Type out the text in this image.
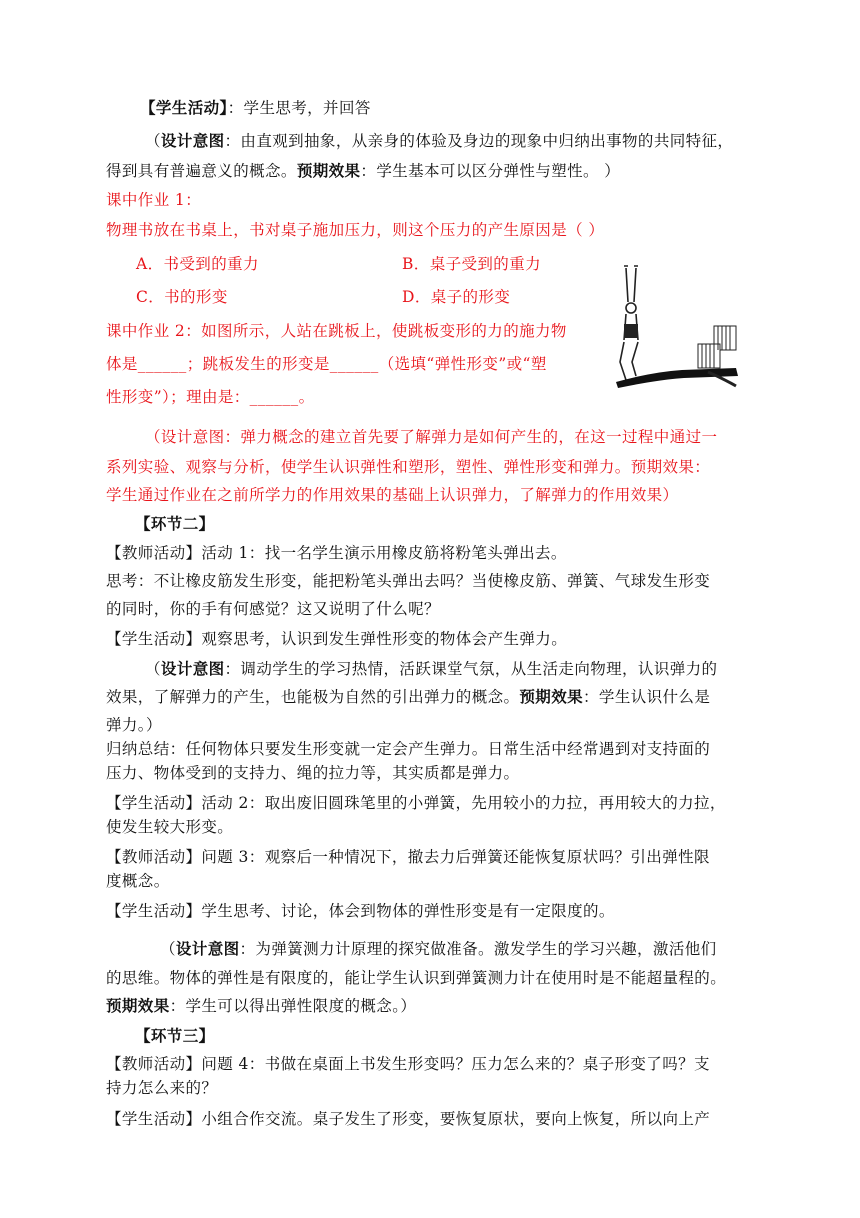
【学生活动】：学生思考，并回答
（设计意图：由直观到抽象，从亲身的体验及身边的现象中归纳出事物的共同特征，
得到具有普遍意义的概念。预期效果：学生基本可以区分弹性与塑性。 ）
课中作业 1：
物理书放在书桌上，书对桌子施加压力，则这个压力的产生原因是（ ）
A．书受到的重力	B．桌子受到的重力
C．书的形变	D．桌子的形变
课中作业 2：如图所示，人站在跳板上，使跳板变形的力的施力物
体是______；跳板发生的形变是______（选填“弹性形变”或“塑
性形变”）；理由是：______。
（设计意图：弹力概念的建立首先要了解弹力是如何产生的，在这一过程中通过一
系列实验、观察与分析，使学生认识弹性和塑形，塑性、弹性形变和弹力。预期效果：
学生通过作业在之前所学力的作用效果的基础上认识弹力，了解弹力的作用效果）
【环节二】
【教师活动】活动 1：找一名学生演示用橡皮筋将粉笔头弹出去。
思考：不让橡皮筋发生形变，能把粉笔头弹出去吗？当使橡皮筋、弹簧、气球发生形变
的同时，你的手有何感觉？这又说明了什么呢？
【学生活动】观察思考，认识到发生弹性形变的物体会产生弹力。
（设计意图：调动学生的学习热情，活跃课堂气氛，从生活走向物理，认识弹力的
效果，了解弹力的产生，也能极为自然的引出弹力的概念。预期效果：学生认识什么是
弹力。）
归纳总结：任何物体只要发生形变就一定会产生弹力。日常生活中经常遇到对支持面的
压力、物体受到的支持力、绳的拉力等，其实质都是弹力。
【学生活动】活动 2：取出废旧圆珠笔里的小弹簧，先用较小的力拉，再用较大的力拉，
使发生较大形变。
【教师活动】问题 3：观察后一种情况下，撤去力后弹簧还能恢复原状吗？引出弹性限
度概念。
【学生活动】学生思考、讨论，体会到物体的弹性形变是有一定限度的。
（设计意图：为弹簧测力计原理的探究做准备。激发学生的学习兴趣，激活他们
的思维。物体的弹性是有限度的，能让学生认识到弹簧测力计在使用时是不能超量程的。
预期效果：学生可以得出弹性限度的概念。）
【环节三】
【教师活动】问题 4：书做在桌面上书发生形变吗？压力怎么来的？桌子形变了吗？支
持力怎么来的？
【学生活动】小组合作交流。桌子发生了形变，要恢复原状，要向上恢复，所以向上产
